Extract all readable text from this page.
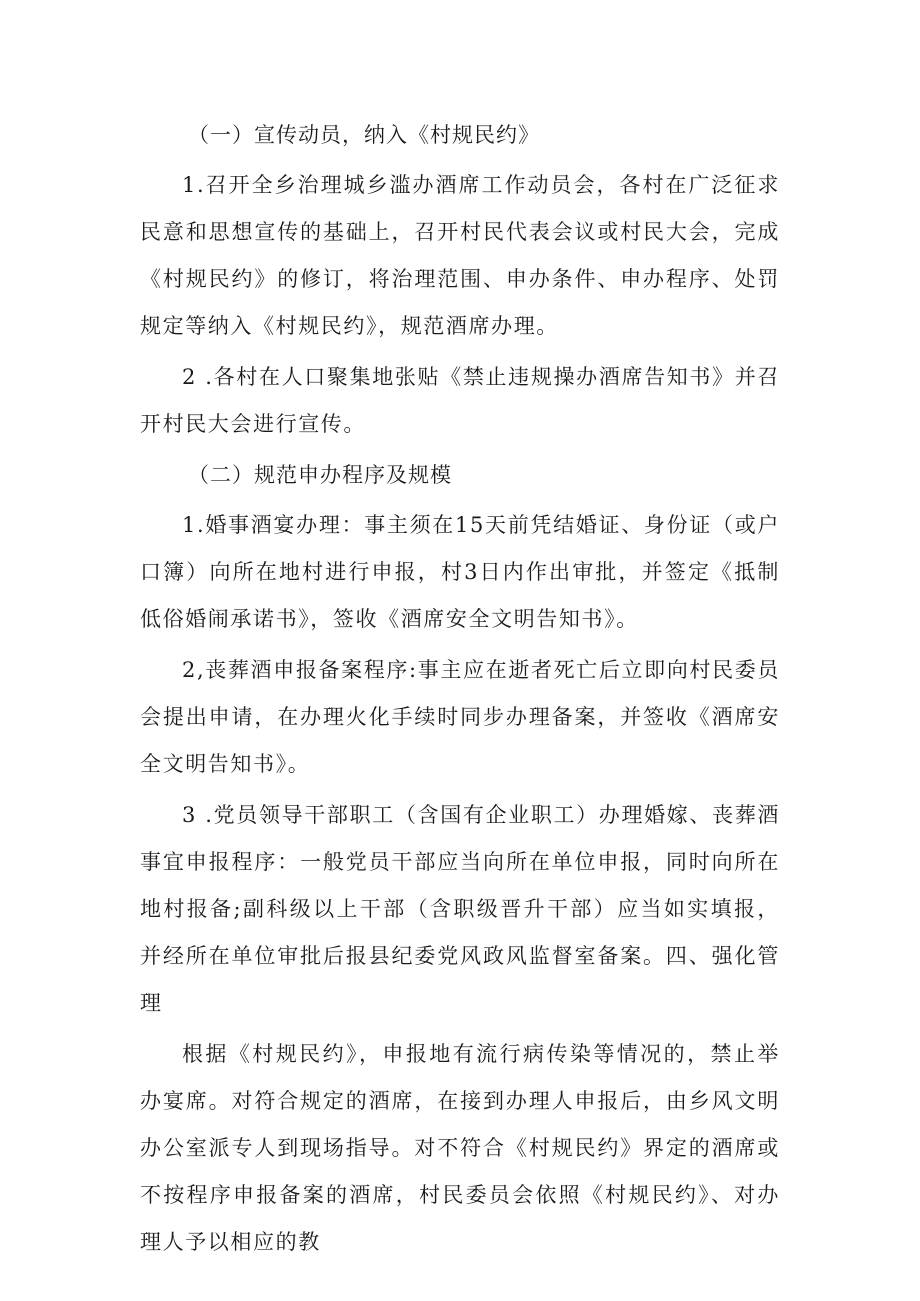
（一）宣传动员，纳入《村规民约》

1.召开全乡治理城乡滥办酒席工作动员会，各村在广泛征求民意和思想宣传的基础上，召开村民代表会议或村民大会，完成《村规民约》的修订，将治理范围、申办条件、申办程序、处罚规定等纳入《村规民约》，规范酒席办理。

2 .各村在人口聚集地张贴《禁止违规操办酒席告知书》并召开村民大会进行宣传。

（二）规范申办程序及规模

1.婚事酒宴办理：事主须在15天前凭结婚证、身份证（或户口簿）向所在地村进行申报，村3日内作出审批，并签定《抵制低俗婚闹承诺书》，签收《酒席安全文明告知书》。

2,丧葬酒申报备案程序:事主应在逝者死亡后立即向村民委员会提出申请，在办理火化手续时同步办理备案，并签收《酒席安全文明告知书》。

3 .党员领导干部职工（含国有企业职工）办理婚嫁、丧葬酒事宜申报程序：一般党员干部应当向所在单位申报，同时向所在地村报备;副科级以上干部（含职级晋升干部）应当如实填报，并经所在单位审批后报县纪委党风政风监督室备案。四、强化管理

根据《村规民约》，申报地有流行病传染等情况的，禁止举办宴席。对符合规定的酒席，在接到办理人申报后，由乡风文明办公室派专人到现场指导。对不符合《村规民约》界定的酒席或不按程序申报备案的酒席，村民委员会依照《村规民约》、对办理人予以相应的教
